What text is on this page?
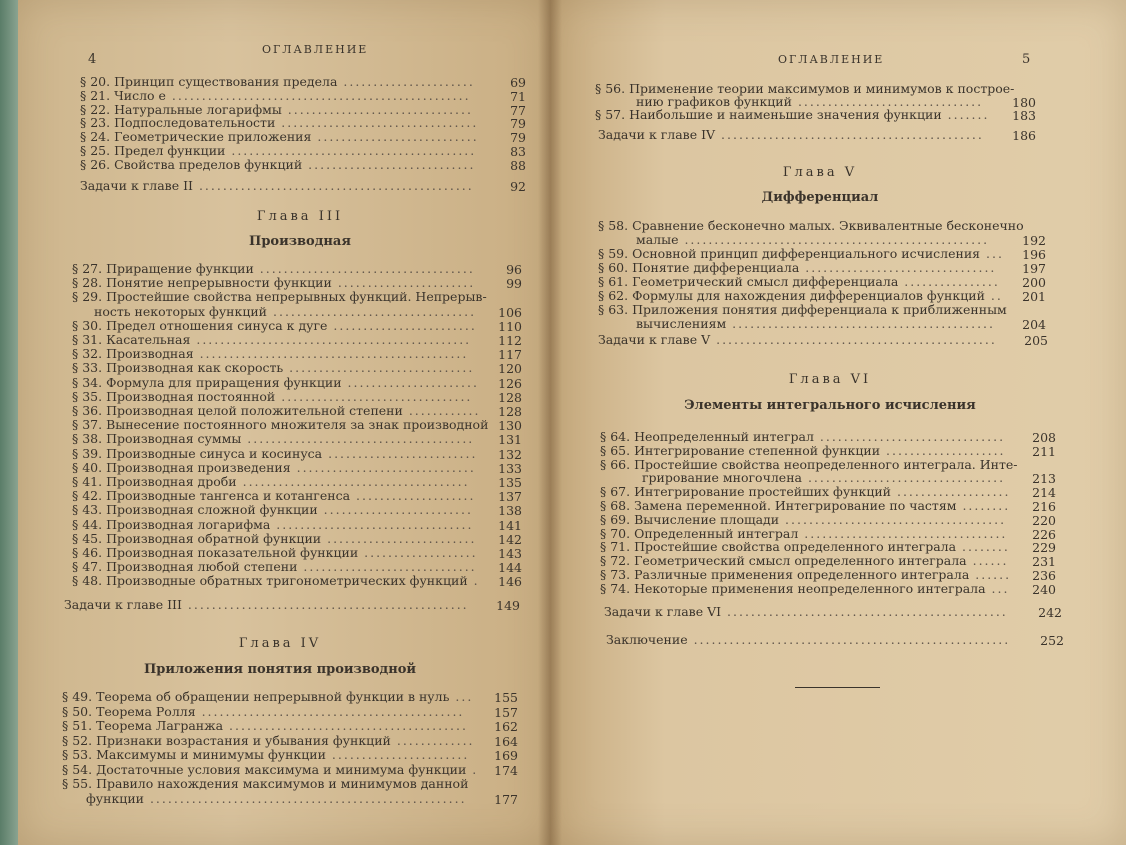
4
ОГЛАВЛЕНИЕ
ОГЛАВЛЕНИЕ	5
§ 20. Принцип существования предела ......................	69
§ 21. Число e ..................................................	71
§ 22. Натуральные логарифмы ...............................	77
§ 23. Подпоследовательности .................................	79
§ 24. Геометрические приложения ...........................	79
§ 25. Предел функции .........................................	83
§ 26. Свойства пределов функций ............................	88
Задачи к главе II ..............................................	92
Глава III
Производная
§ 27. Приращение функции ....................................	96
§ 28. Понятие непрерывности функции .......................	99
§ 29. Простейшие свойства непрерывных функций. Непрерыв-
ность некоторых функций ..................................	106
§ 30. Предел отношения синуса к дуге ........................	110
§ 31. Касательная ..............................................	112
§ 32. Производная .............................................	117
§ 33. Производная как скорость ...............................	120
§ 34. Формула для приращения функции ......................	126
§ 35. Производная постоянной ................................	128
§ 36. Производная целой положительной степени ............	128
§ 37. Вынесение постоянного множителя за знак производной 130
§ 38. Производная суммы ......................................	131
§ 39. Производные синуса и косинуса .........................	132
§ 40. Производная произведения ..............................	133
§ 41. Производная дроби ......................................	135
§ 42. Производные тангенса и котангенса ....................	137
§ 43. Производная сложной функции .........................	138
§ 44. Производная логарифма .................................	141
§ 45. Производная обратной функции .........................	142
§ 46. Производная показательной функции ...................	143
§ 47. Производная любой степени .............................	144
§ 48. Производные обратных тригонометрических функций .	146
Задачи к главе III ...............................................	149
Глава IV
Приложения понятия производной
§ 49. Теорема об обращении непрерывной функции в нуль ...	155
§ 50. Теорема Ролля ............................................	157
§ 51. Теорема Лагранжа ........................................	162
§ 52. Признаки возрастания и убывания функций .............	164
§ 53. Максимумы и минимумы функции .......................	169
§ 54. Достаточные условия максимума и минимума функции .	174
§ 55. Правило нахождения максимумов и минимумов данной
функции .....................................................	177
§ 56. Применение теории максимумов и минимумов к построе-
нию графиков функций ...............................	180
§ 57. Наибольшие и наименьшие значения функции .......	183
Задачи к главе IV ............................................	186
Глава V
Дифференциал
§ 58. Сравнение бесконечно малых. Эквивалентные бесконечно
малые ...................................................	192
§ 59. Основной принцип дифференциального исчисления ...	196
§ 60. Понятие дифференциала ................................	197
§ 61. Геометрический смысл дифференциала ................	200
§ 62. Формулы для нахождения дифференциалов функций ..	201
§ 63. Приложения понятия дифференциала к приближенным
вычислениям ............................................	204
Задачи к главе V ...............................................	205
Глава VI
Элементы интегрального исчисления
§ 64. Неопределенный интеграл ...............................	208
§ 65. Интегрирование степенной функции ....................	211
§ 66. Простейшие свойства неопределенного интеграла. Инте-
грирование многочлена .................................	213
§ 67. Интегрирование простейших функций ...................	214
§ 68. Замена переменной. Интегрирование по частям ........	216
§ 69. Вычисление площади .....................................	220
§ 70. Определенный интеграл ..................................	226
§ 71. Простейшие свойства определенного интеграла ........	229
§ 72. Геометрический смысл определенного интеграла ......	231
§ 73. Различные применения определенного интеграла ......	236
§ 74. Некоторые применения неопределенного интеграла ...	240
Задачи к главе VI ...............................................	242
Заключение .....................................................	252
